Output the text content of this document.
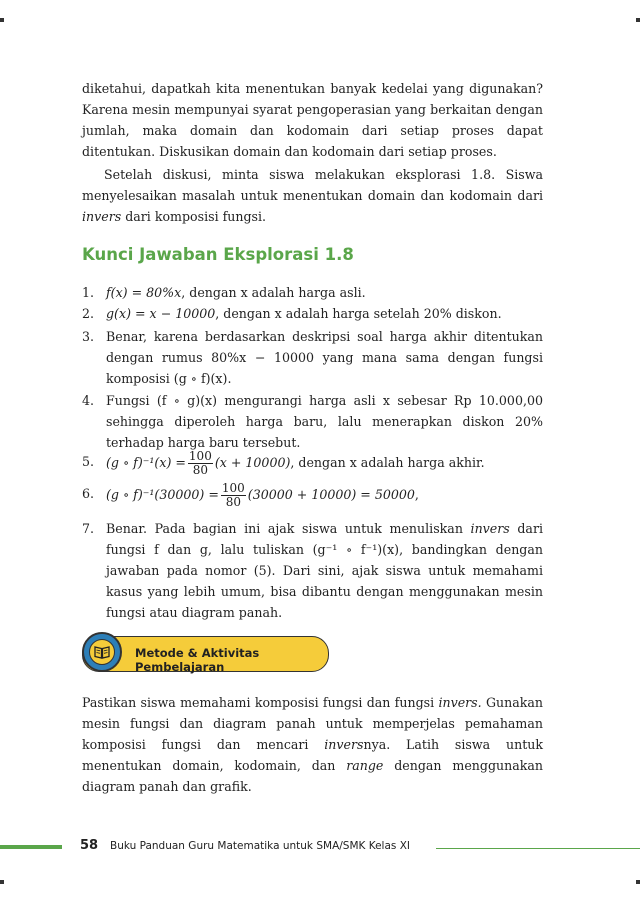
diketahui, dapatkah kita menentukan banyak kedelai yang digunakan? Karena mesin mempunyai syarat pengoperasian yang berkaitan dengan jumlah, maka domain dan kodomain dari setiap proses dapat ditentukan. Diskusikan domain dan kodomain dari setiap proses.

Setelah diskusi, minta siswa melakukan eksplorasi 1.8. Siswa menyelesaikan masalah untuk menentukan domain dan kodomain dari invers dari komposisi fungsi.

Kunci Jawaban Eksplorasi 1.8
1. f(x) = 80%x, dengan x adalah harga asli.
2. g(x) = x − 10000, dengan x adalah harga setelah 20% diskon.
3. Benar, karena berdasarkan deskripsi soal harga akhir ditentukan dengan rumus 80%x − 10000 yang mana sama dengan fungsi komposisi (g ∘ f)(x).
4. Fungsi (f ∘ g)(x) mengurangi harga asli x sebesar Rp 10.000,00 sehingga diperoleh harga baru, lalu menerapkan diskon 20% terhadap harga baru tersebut.
5. (g ∘ $f)^{-1}(x) = \frac{100}{80} (x + 10000)$, dengan x adalah harga akhir.
6. (g ∘ $f)^{-1}(30000) = \frac{100}{80} (30000 + 10000) = 50000$,
7. Benar. Pada bagian ini ajak siswa untuk menuliskan invers dari fungsi f dan g, lalu tuliskan (g⁻¹ ∘ f⁻¹)(x), bandingkan dengan jawaban pada nomor (5). Dari sini, ajak siswa untuk memahami kasus yang lebih umum, bisa dibantu dengan menggunakan mesin fungsi atau diagram panah.
Metode & Aktivitas Pembelajaran

Pastikan siswa memahami komposisi fungsi dan fungsi invers. Gunakan mesin fungsi dan diagram panah untuk memperjelas pemahaman komposisi fungsi dan mencari inversnya. Latih siswa untuk menentukan domain, kodomain, dan range dengan menggunakan diagram panah dan grafik.

58 Buku Panduan Guru Matematika untuk SMA/SMK Kelas XI
